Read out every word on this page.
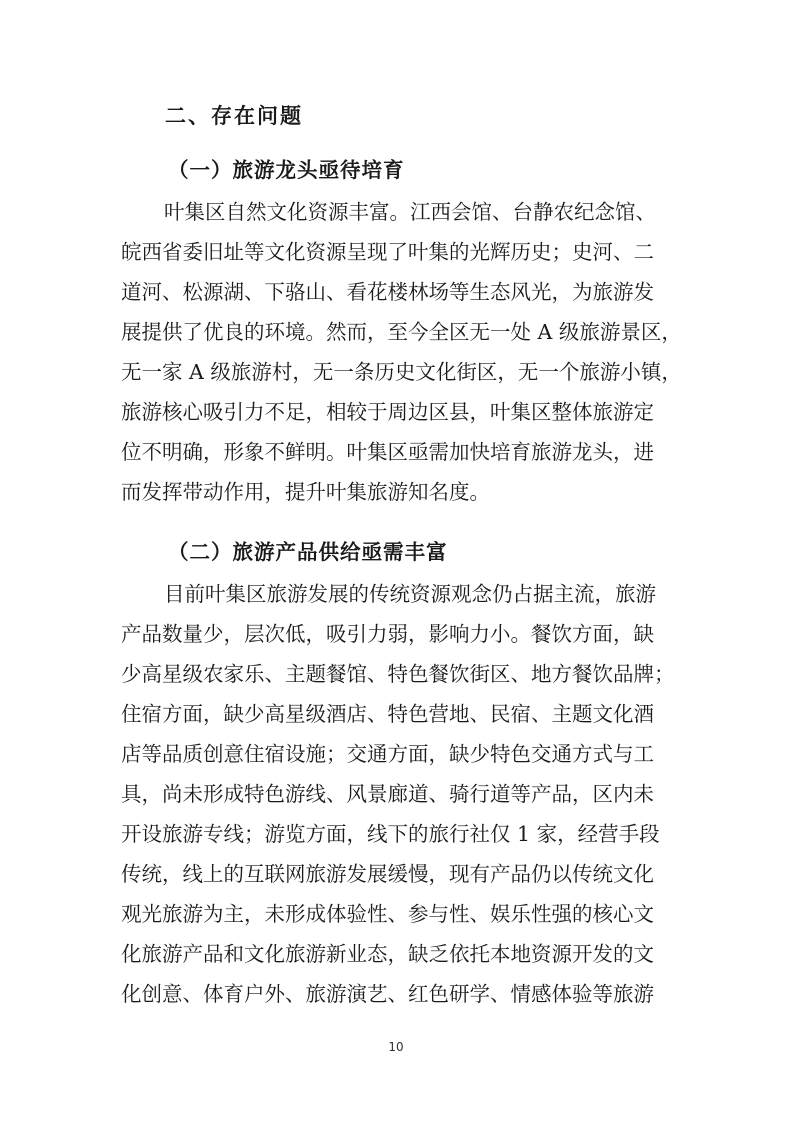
二、存在问题
（一）旅游龙头亟待培育

叶集区自然文化资源丰富。江西会馆、台静农纪念馆、

皖西省委旧址等文化资源呈现了叶集的光辉历史；史河、二

道河、松源湖、下骆山、看花楼林场等生态风光，为旅游发

展提供了优良的环境。然而，至今全区无一处 A 级旅游景区，

无一家 A 级旅游村，无一条历史文化街区，无一个旅游小镇，

旅游核心吸引力不足，相较于周边区县，叶集区整体旅游定

位不明确，形象不鲜明。叶集区亟需加快培育旅游龙头，进

而发挥带动作用，提升叶集旅游知名度。

（二）旅游产品供给亟需丰富

目前叶集区旅游发展的传统资源观念仍占据主流，旅游

产品数量少，层次低，吸引力弱，影响力小。餐饮方面，缺

少高星级农家乐、主题餐馆、特色餐饮街区、地方餐饮品牌；

住宿方面，缺少高星级酒店、特色营地、民宿、主题文化酒

店等品质创意住宿设施；交通方面，缺少特色交通方式与工

具，尚未形成特色游线、风景廊道、骑行道等产品，区内未

开设旅游专线；游览方面，线下的旅行社仅 1 家，经营手段

传统，线上的互联网旅游发展缓慢，现有产品仍以传统文化

观光旅游为主，未形成体验性、参与性、娱乐性强的核心文

化旅游产品和文化旅游新业态，缺乏依托本地资源开发的文

化创意、体育户外、旅游演艺、红色研学、情感体验等旅游

10
